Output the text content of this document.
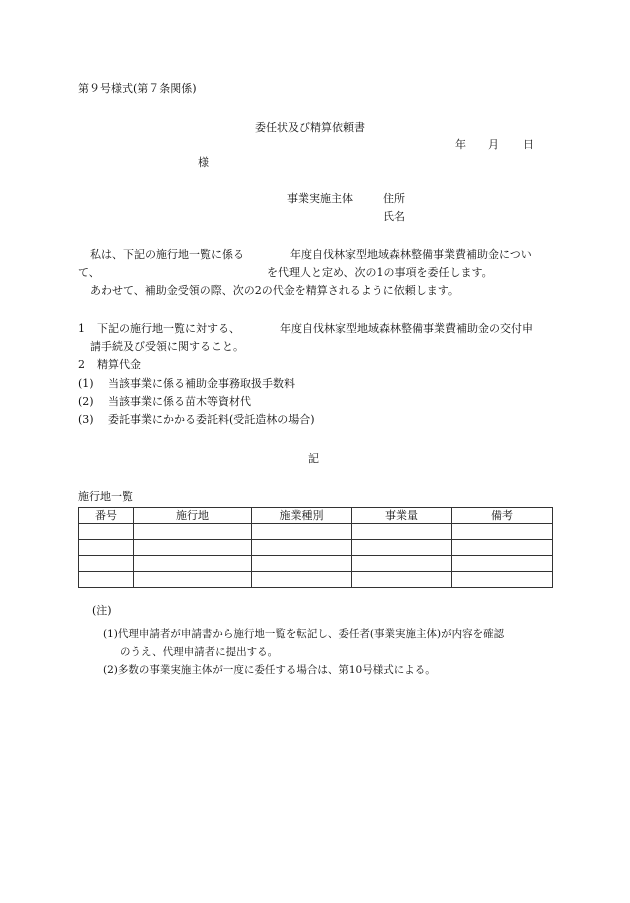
第９号様式(第７条関係)
委任状及び精算依頼書
年 月 日
様
事業実施主体	住所
氏名
私は、下記の施行地一覧に係る	年度自伐林家型地域森林整備事業費補助金につい
て、	を代理人と定め、次の1の事項を委任します。
あわせて、補助金受領の際、次の2の代金を精算されるように依頼します。
1 下記の施行地一覧に対する、	年度自伐林家型地域森林整備事業費補助金の交付申
請手続及び受領に関すること。
2 精算代金
(1) 当該事業に係る補助金事務取扱手数料
(2) 当該事業に係る苗木等資材代
(3) 委託事業にかかる委託料(受託造林の場合)
記
施行地一覧
番号	施行地	施業種別	事業量	備考

(注)
(1)代理申請者が申請書から施行地一覧を転記し、委任者(事業実施主体)が内容を確認
のうえ、代理申請者に提出する。
(2)多数の事業実施主体が一度に委任する場合は、第10号様式による。
